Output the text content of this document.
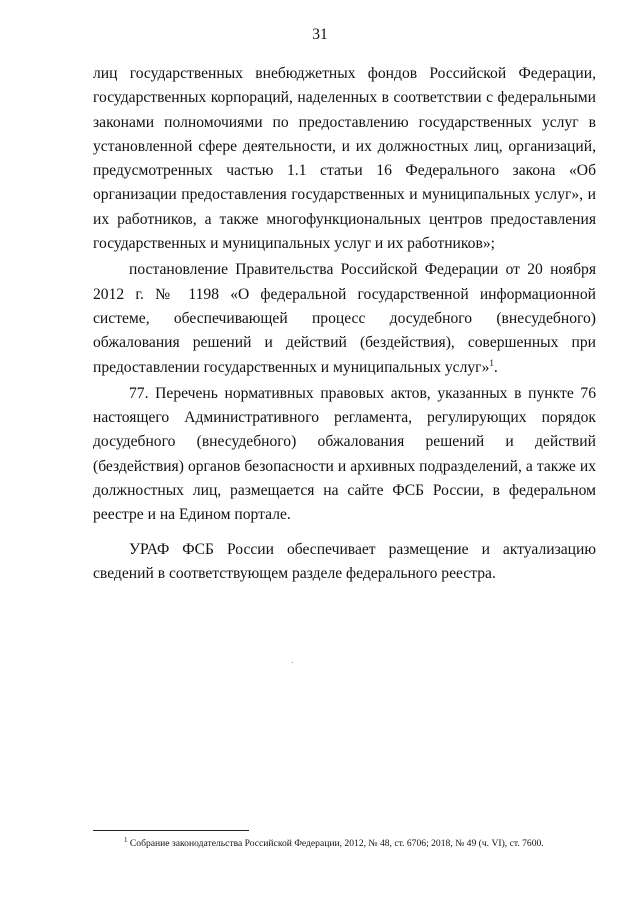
31

лиц государственных внебюджетных фондов Российской Федерации, государственных корпораций, наделенных в соответствии с федеральными законами полномочиями по предоставлению государственных услуг в установленной сфере деятельности, и их должностных лиц, организаций, предусмотренных частью 1.1 статьи 16 Федерального закона «Об организации предоставления государственных и муниципальных услуг», и их работников, а также многофункциональных центров предоставления государственных и муниципальных услуг и их работников»;

постановление Правительства Российской Федерации от 20 ноября 2012 г. № 1198 «О федеральной государственной информационной системе, обеспечивающей процесс досудебного (внесудебного) обжалования решений и действий (бездействия), совершенных при предоставлении государственных и муниципальных услуг»$^1$.

77. Перечень нормативных правовых актов, указанных в пункте 76 настоящего Административного регламента, регулирующих порядок досудебного (внесудебного) обжалования решений и действий (бездействия) органов безопасности и архивных подразделений, а также их должностных лиц, размещается на сайте ФСБ России, в федеральном реестре и на Едином портале.

УРАФ ФСБ России обеспечивает размещение и актуализацию сведений в соответствующем разделе федерального реестра.

$^1$ Собрание законодательства Российской Федерации, 2012, № 48, ст. 6706; 2018, № 49 (ч. VI), ст. 7600.
